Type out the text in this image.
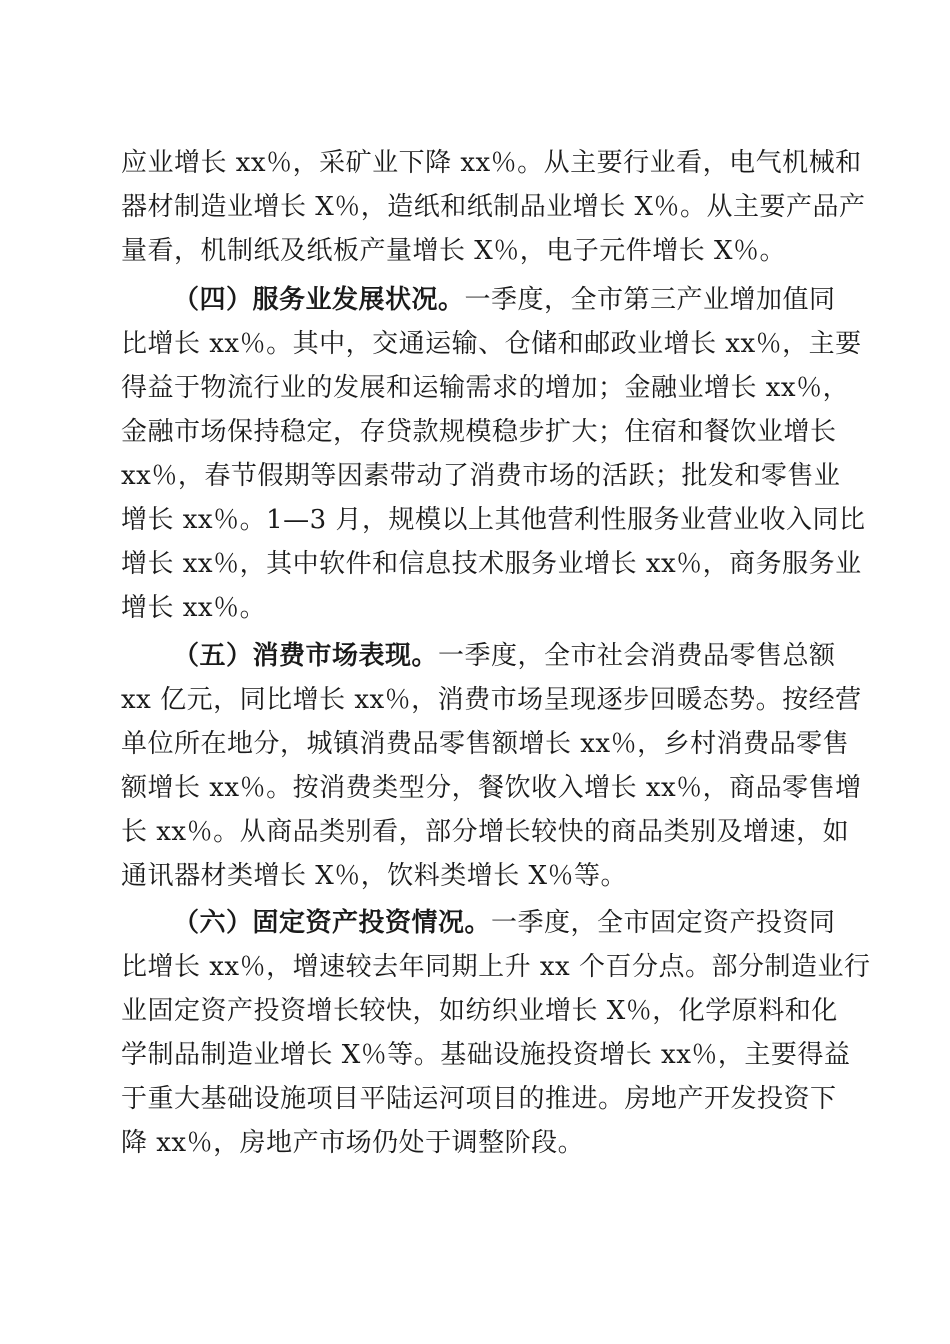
应业增长 xx％，采矿业下降 xx％。从主要行业看，电气机械和
器材制造业增长 X％，造纸和纸制品业增长 X％。从主要产品产
量看，机制纸及纸板产量增长 X％，电子元件增长 X％。
（四）服务业发展状况。一季度，全市第三产业增加值同
比增长 xx％。其中，交通运输、仓储和邮政业增长 xx％，主要
得益于物流行业的发展和运输需求的增加；金融业增长 xx％，
金融市场保持稳定，存贷款规模稳步扩大；住宿和餐饮业增长
xx％，春节假期等因素带动了消费市场的活跃；批发和零售业
增长 xx％。1—3 月，规模以上其他营利性服务业营业收入同比
增长 xx％，其中软件和信息技术服务业增长 xx％，商务服务业
增长 xx％。
（五）消费市场表现。一季度，全市社会消费品零售总额
xx 亿元，同比增长 xx％，消费市场呈现逐步回暖态势。按经营
单位所在地分，城镇消费品零售额增长 xx％，乡村消费品零售
额增长 xx％。按消费类型分，餐饮收入增长 xx％，商品零售增
长 xx％。从商品类别看，部分增长较快的商品类别及增速，如
通讯器材类增长 X％，饮料类增长 X％等。
（六）固定资产投资情况。一季度，全市固定资产投资同
比增长 xx％，增速较去年同期上升 xx 个百分点。部分制造业行
业固定资产投资增长较快，如纺织业增长 X％，化学原料和化
学制品制造业增长 X％等。基础设施投资增长 xx％，主要得益
于重大基础设施项目平陆运河项目的推进。房地产开发投资下
降 xx％，房地产市场仍处于调整阶段。
